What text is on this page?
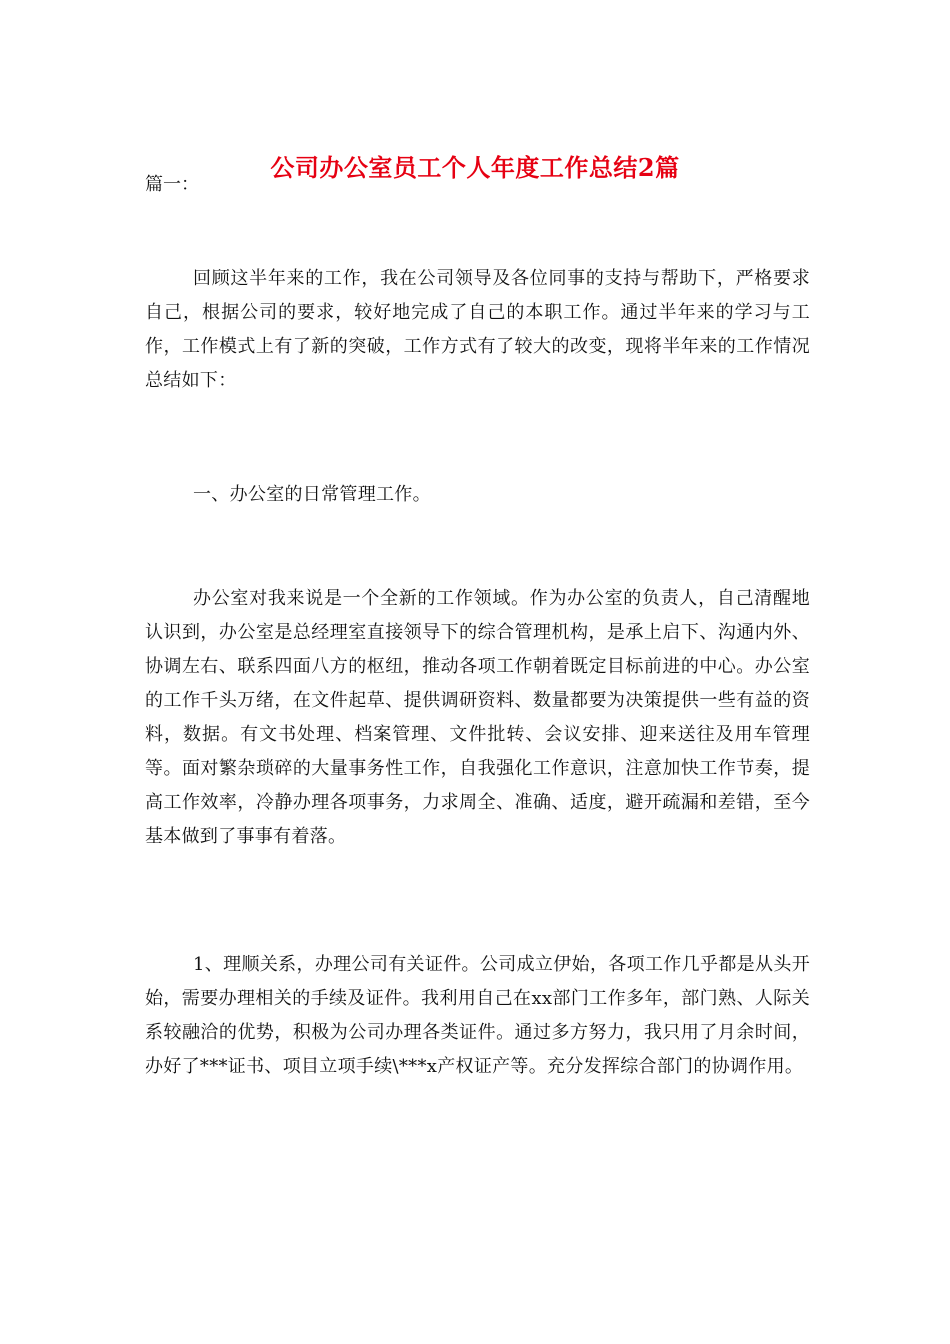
公司办公室员工个人年度工作总结2篇

篇一：

回顾这半年来的工作，我在公司领导及各位同事的支持与帮助下，严格要求自己，根据公司的要求，较好地完成了自己的本职工作。通过半年来的学习与工作，工作模式上有了新的突破，工作方式有了较大的改变，现将半年来的工作情况总结如下：

一、办公室的日常管理工作。

办公室对我来说是一个全新的工作领域。作为办公室的负责人，自己清醒地认识到，办公室是总经理室直接领导下的综合管理机构，是承上启下、沟通内外、协调左右、联系四面八方的枢纽，推动各项工作朝着既定目标前进的中心。办公室的工作千头万绪，在文件起草、提供调研资料、数量都要为决策提供一些有益的资料，数据。有文书处理、档案管理、文件批转、会议安排、迎来送往及用车管理等。面对繁杂琐碎的大量事务性工作，自我强化工作意识，注意加快工作节奏，提高工作效率，冷静办理各项事务，力求周全、准确、适度，避开疏漏和差错，至今基本做到了事事有着落。

1、理顺关系，办理公司有关证件。公司成立伊始，各项工作几乎都是从头开始，需要办理相关的手续及证件。我利用自己在xx部门工作多年，部门熟、人际关系较融洽的优势，积极为公司办理各类证件。通过多方努力，我只用了月余时间，办好了***证书、项目立项手续\***x产权证产等。充分发挥综合部门的协调作用。
